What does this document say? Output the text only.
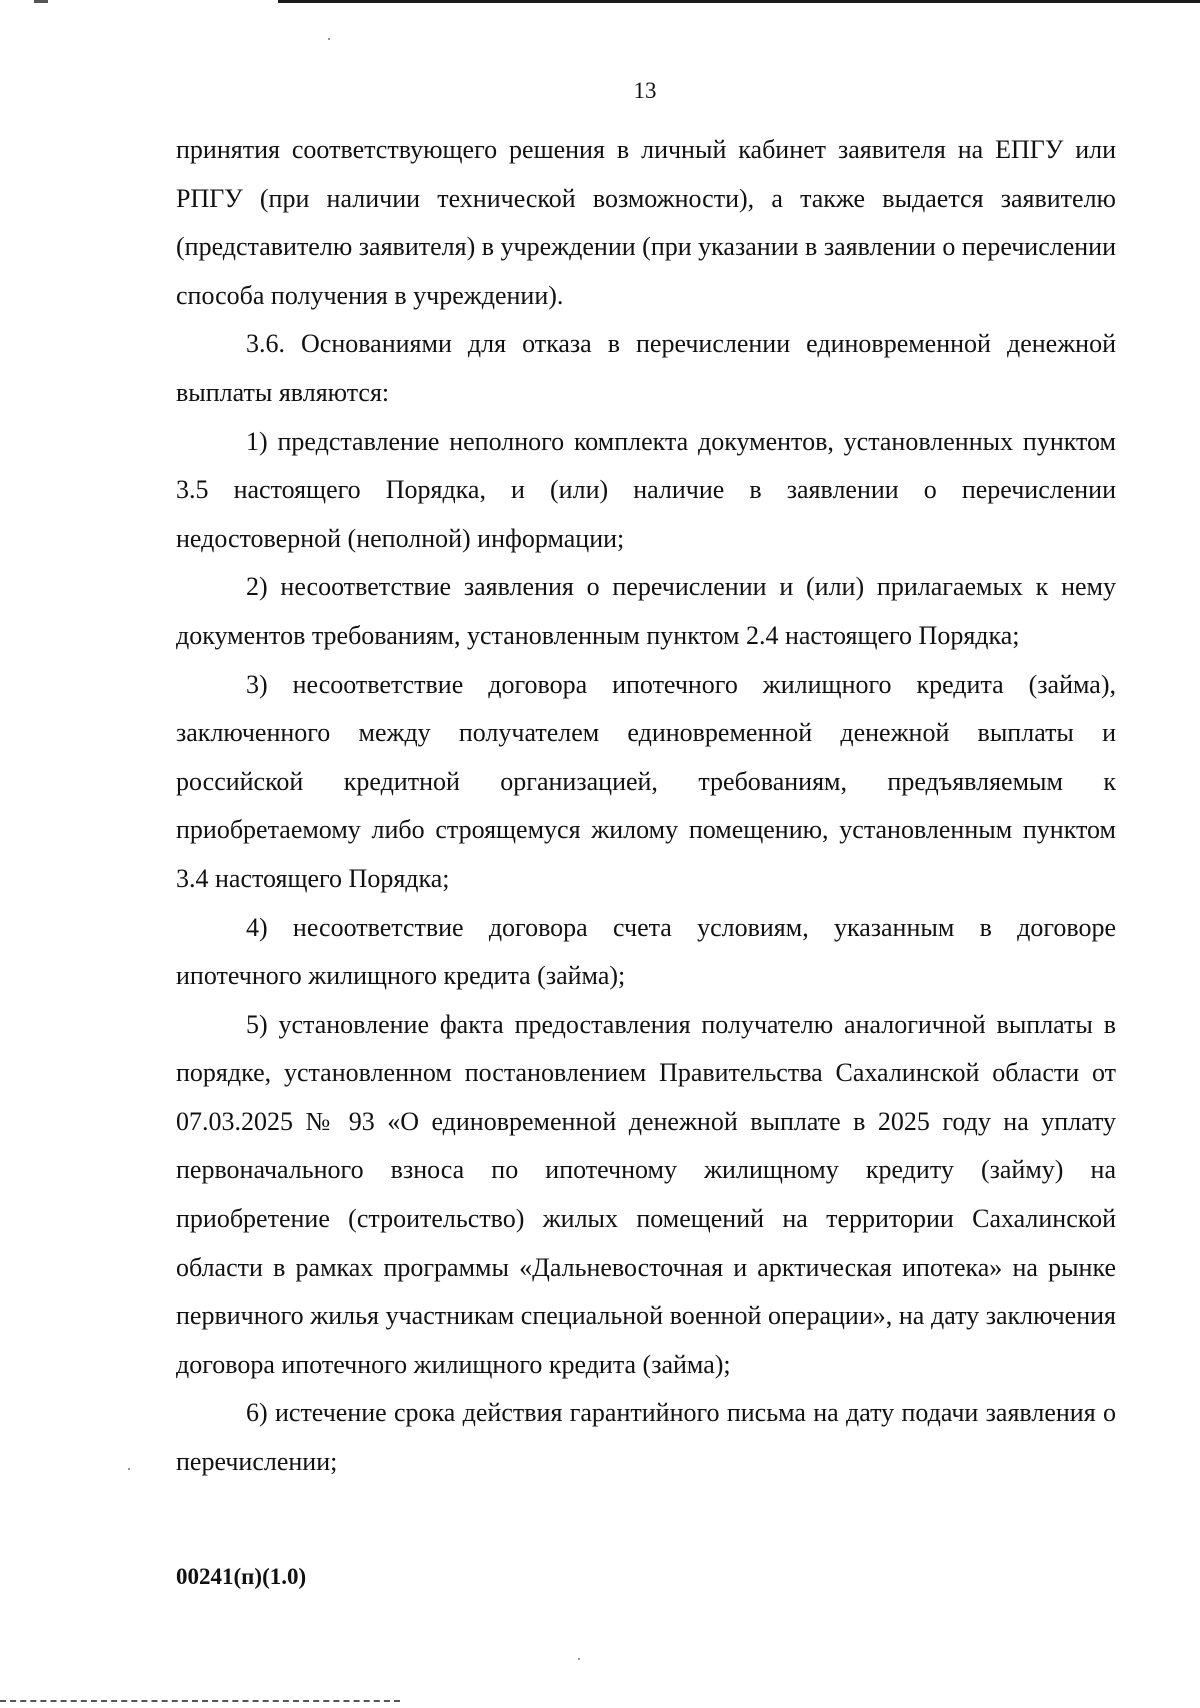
13

принятия соответствующего решения в личный кабинет заявителя на ЕПГУ или РПГУ (при наличии технической возможности), а также выдается заявителю (представителю заявителя) в учреждении (при указании в заявлении о перечислении способа получения в учреждении).

3.6. Основаниями для отказа в перечислении единовременной денежной выплаты являются:

1) представление неполного комплекта документов, установленных пунктом 3.5 настоящего Порядка, и (или) наличие в заявлении о перечислении недостоверной (неполной) информации;

2) несоответствие заявления о перечислении и (или) прилагаемых к нему документов требованиям, установленным пунктом 2.4 настоящего Порядка;

3) несоответствие договора ипотечного жилищного кредита (займа), заключенного между получателем единовременной денежной выплаты и российской кредитной организацией, требованиям, предъявляемым к приобретаемому либо строящемуся жилому помещению, установленным пунктом 3.4 настоящего Порядка;

4) несоответствие договора счета условиям, указанным в договоре ипотечного жилищного кредита (займа);

5) установление факта предоставления получателю аналогичной выплаты в порядке, установленном постановлением Правительства Сахалинской области от 07.03.2025 № 93 «О единовременной денежной выплате в 2025 году на уплату первоначального взноса по ипотечному жилищному кредиту (займу) на приобретение (строительство) жилых помещений на территории Сахалинской области в рамках программы «Дальневосточная и арктическая ипотека» на рынке первичного жилья участникам специальной военной операции», на дату заключения договора ипотечного жилищного кредита (займа);

6) истечение срока действия гарантийного письма на дату подачи заявления о перечислении;

00241(п)(1.0)
